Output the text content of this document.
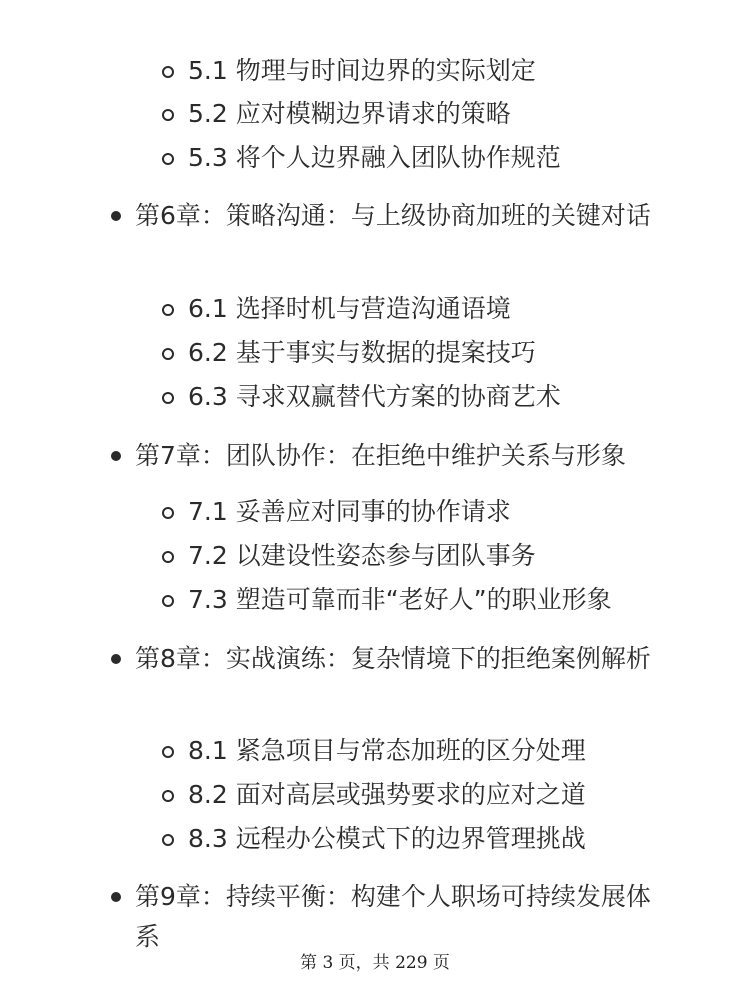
5.1 物理与时间边界的实际划定
5.2 应对模糊边界请求的策略
5.3 将个人边界融入团队协作规范
第6章：策略沟通：与上级协商加班的关键对话
6.1 选择时机与营造沟通语境
6.2 基于事实与数据的提案技巧
6.3 寻求双赢替代方案的协商艺术
第7章：团队协作：在拒绝中维护关系与形象
7.1 妥善应对同事的协作请求
7.2 以建设性姿态参与团队事务
7.3 塑造可靠而非“老好人”的职业形象
第8章：实战演练：复杂情境下的拒绝案例解析
8.1 紧急项目与常态加班的区分处理
8.2 面对高层或强势要求的应对之道
8.3 远程办公模式下的边界管理挑战
第9章：持续平衡：构建个人职场可持续发展体系
第 3 页，共 229 页
